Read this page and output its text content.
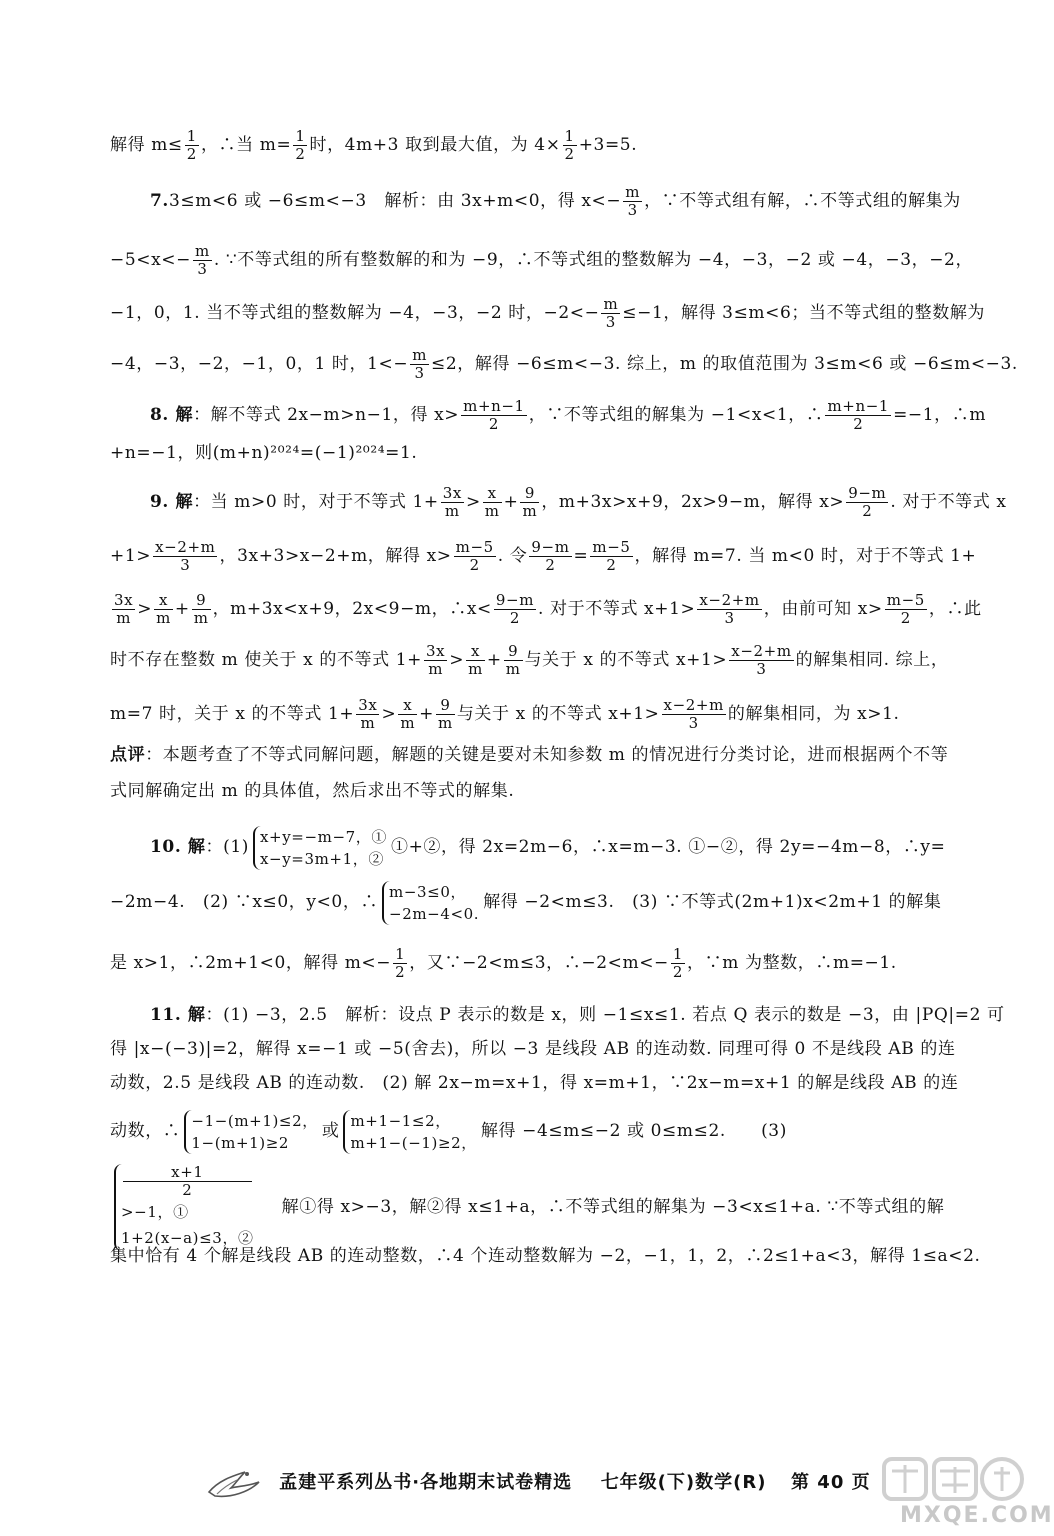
解得 $m\le \frac{1}{2}$ ，∴当 $m= \frac{1}{2}$ 时，4m+3 取到最大值，为 $4\times \frac{1}{2} +3=5$.
7.3≤m<6 或 −6≤m<−3　解析：由 3x+m<0，得 $x<- \frac{m}{3}$ ，∵不等式组有解，∴不等式组的解集为
$-5<x<- \frac{m}{3}$ . ∵不等式组的所有整数解的和为 −9，∴不等式组的整数解为 −4，−3，−2 或 −4，−3，−2，
−1，0，1. 当不等式组的整数解为 −4，−3，−2 时，$-2<- \frac{m}{3} \le-1$，解得 3≤m<6；当不等式组的整数解为
−4，−3，−2，−1，0，1 时，$1<- \frac{m}{3} \le 2$，解得 −6≤m<−3. 综上，m 的取值范围为 3≤m<6 或 −6≤m<−3.
8. 解：解不等式 2x−m>n−1，得 $x> \frac{m+n-1}{2}$ ，∵不等式组的解集为 −1<x<1，∴ $\frac{m+n-1}{2} =-1$，∴m
+n=−1，则(m+n)²⁰²⁴=(−1)²⁰²⁴=1.
9. 解：当 m>0 时，对于不等式 $1+ \frac{3x}{m} > \frac{x}{m} + \frac{9}{m}$ ，m+3x>x+9，2x>9−m，解得 $x> \frac{9-m}{2}$ . 对于不等式 x
$+1> \frac{x-2+m}{3}$ ，3x+3>x−2+m，解得 $x> \frac{m-5}{2}$ . 令 $\frac{9-m}{2} = \frac{m-5}{2}$ ，解得 m=7. 当 m<0 时，对于不等式 1+
$\frac{3x}{m} > \frac{x}{m} + \frac{9}{m}$ ，m+3x<x+9，2x<9−m，∴x< $\frac{9-m}{2}$ . 对于不等式 $x+1> \frac{x-2+m}{3}$ ，由前可知 $x> \frac{m-5}{2}$ ，∴此
时不存在整数 m 使关于 x 的不等式 $1+ \frac{3x}{m} > \frac{x}{m} + \frac{9}{m}$ 与关于 x 的不等式 $x+1> \frac{x-2+m}{3}$ 的解集相同. 综上，
m=7 时，关于 x 的不等式 $1+ \frac{3x}{m} > \frac{x}{m} + \frac{9}{m}$ 与关于 x 的不等式 $x+1> \frac{x-2+m}{3}$ 的解集相同，为 x>1.
点评：本题考查了不等式同解问题，解题的关键是要对未知参数 m 的情况进行分类讨论，进而根据两个不等
式同解确定出 m 的具体值，然后求出不等式的解集.
10. 解：(1)
x+y=−m−7，①
x−y=3m+1，②
①+②，得 2x=2m−6，∴x=m−3. ①−②，得 2y=−4m−8，∴y=
−2m−4.　(2) ∵x≤0，y<0，∴
m−3≤0，
−2m−4<0.
解得 −2<m≤3.　(3) ∵不等式(2m+1)x<2m+1 的解集
是 x>1，∴2m+1<0，解得 $m<- \frac{1}{2}$ ，又∵−2<m≤3，∴−2<m<− $\frac{1}{2}$ ，∵m 为整数，∴m=−1.
11. 解：(1) −3，2.5　解析：设点 P 表示的数是 x，则 −1≤x≤1. 若点 Q 表示的数是 −3，由 |PQ|=2 可
得 |x−(−3)|=2，解得 x=−1 或 −5(舍去)，所以 −3 是线段 AB 的连动数. 同理可得 0 不是线段 AB 的连
动数，2.5 是线段 AB 的连动数.　(2) 解 2x−m=x+1，得 x=m+1，∵2x−m=x+1 的解是线段 AB 的连
动数，∴
−1−(m+1)≤2，
1−(m+1)≥2
或
m+1−1≤2，
m+1−(−1)≥2，
解得 −4≤m≤−2 或 0≤m≤2.　　(3)
x+1
2
>−1，①
1+2(x−a)≤3，②
解①得 x>−3，解②得 x≤1+a，∴不等式组的解集为 −3<x≤1+a. ∵不等式组的解
集中恰有 4 个解是线段 AB 的连动整数，∴4 个连动整数解为 −2，−1，1，2，∴2≤1+a<3，解得 1≤a<2.
孟建平系列丛书·各地期末试卷精选 七年级(下)数学(R) 第 40 页
MXQE.COM
